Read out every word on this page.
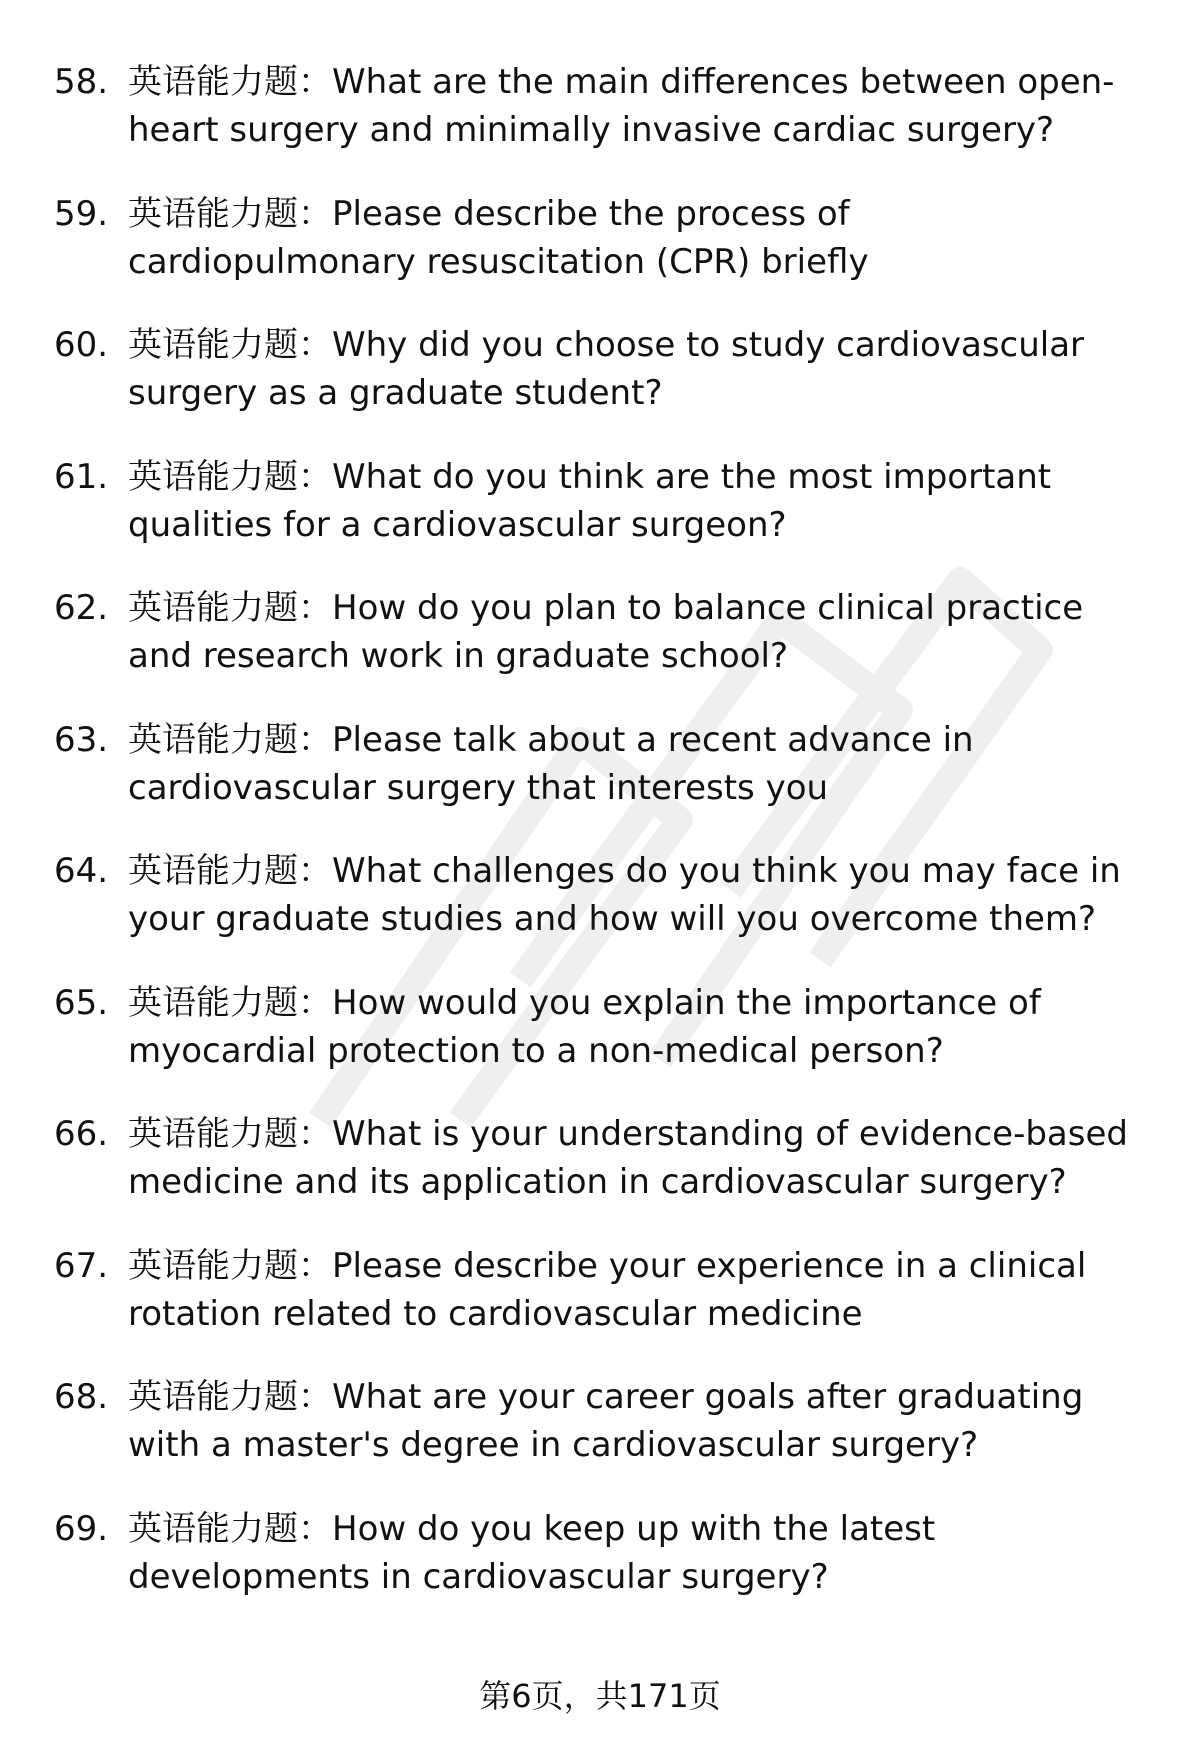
58. 英语能力题：What are the main differences between open-
heart surgery and minimally invasive cardiac surgery?
59. 英语能力题：Please describe the process of
cardiopulmonary resuscitation (CPR) briefly
60. 英语能力题：Why did you choose to study cardiovascular
surgery as a graduate student?
61. 英语能力题：What do you think are the most important
qualities for a cardiovascular surgeon?
62. 英语能力题：How do you plan to balance clinical practice
and research work in graduate school?
63. 英语能力题：Please talk about a recent advance in
cardiovascular surgery that interests you
64. 英语能力题：What challenges do you think you may face in
your graduate studies and how will you overcome them?
65. 英语能力题：How would you explain the importance of
myocardial protection to a non-medical person?
66. 英语能力题：What is your understanding of evidence-based
medicine and its application in cardiovascular surgery?
67. 英语能力题：Please describe your experience in a clinical
rotation related to cardiovascular medicine
68. 英语能力题：What are your career goals after graduating
with a master's degree in cardiovascular surgery?
69. 英语能力题：How do you keep up with the latest
developments in cardiovascular surgery?
第6页，共171页
